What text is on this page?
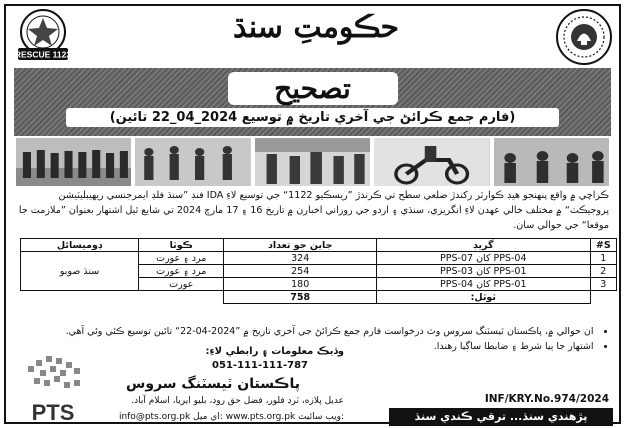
RESCUE 1122
حڪومتِ سنڌ
تصحيح
(فارم جمع ڪرائڻ جي آخري تاريخ ۾ توسيع 2024_04_22 تائين)
ڪراچي ۾ واقع پنهنجو هيڊ ڪوارٽر رکندڙ ضلعي سطح تي ڪرندڙ ”ريسڪيو 1122“ جي توسيع لاءِ IDA فنڊ ”سنڌ فلڊ ايمرجنسي ريهيبليٽيشن پروجيڪٽ“ ۾ مختلف خالي عهدن لاءِ انگريزي، سنڌي ۽ اردو جي روزاني اخبارن ۾ تاريخ 16 ۽ 17 مارچ 2024 تي شايع ٿيل اشتهار بعنوان ”ملازمت جا موقعا“ جي حوالي سان.
S#	گريڊ	جاين جو تعداد	ڪوٽا	ڊوميسائل
1	PPS-04 کان PPS-07	324	مرد ۽ عورت	سنڌ صوبو
2	PPS-01 کان PPS-03	254	مرد ۽ عورت	
3	PPS-01 کان PPS-04	180	عورت	
	ٽوٽل:	758		
• ان حوالي ۾، پاڪستان ٽيسٽنگ سروس وٽ درخواست فارم جمع ڪرائڻ جي آخري تاريخ ۾ ”2024-04-22“ تائين توسيع ڪئي وئي آهي.
• اشتهار جا ٻيا شرط ۽ ضابطا ساڳيا رهندا.
وڌيڪ معلومات ۽ رابطي لاءِ:
051-111-111-787
PTS
پاڪستان ٽيسٽنگ سروس
عديل پلازه، ٽرڊ فلور، فضل حق روڊ، بليو ايريا، اسلام آباد.
info@pts.org.pk اي ميل: www.pts.org.pk ويب سائيٽ:
INF/KRY.No.974/2024
پڙهندي سنڌ... ترقي ڪندي سنڌ
